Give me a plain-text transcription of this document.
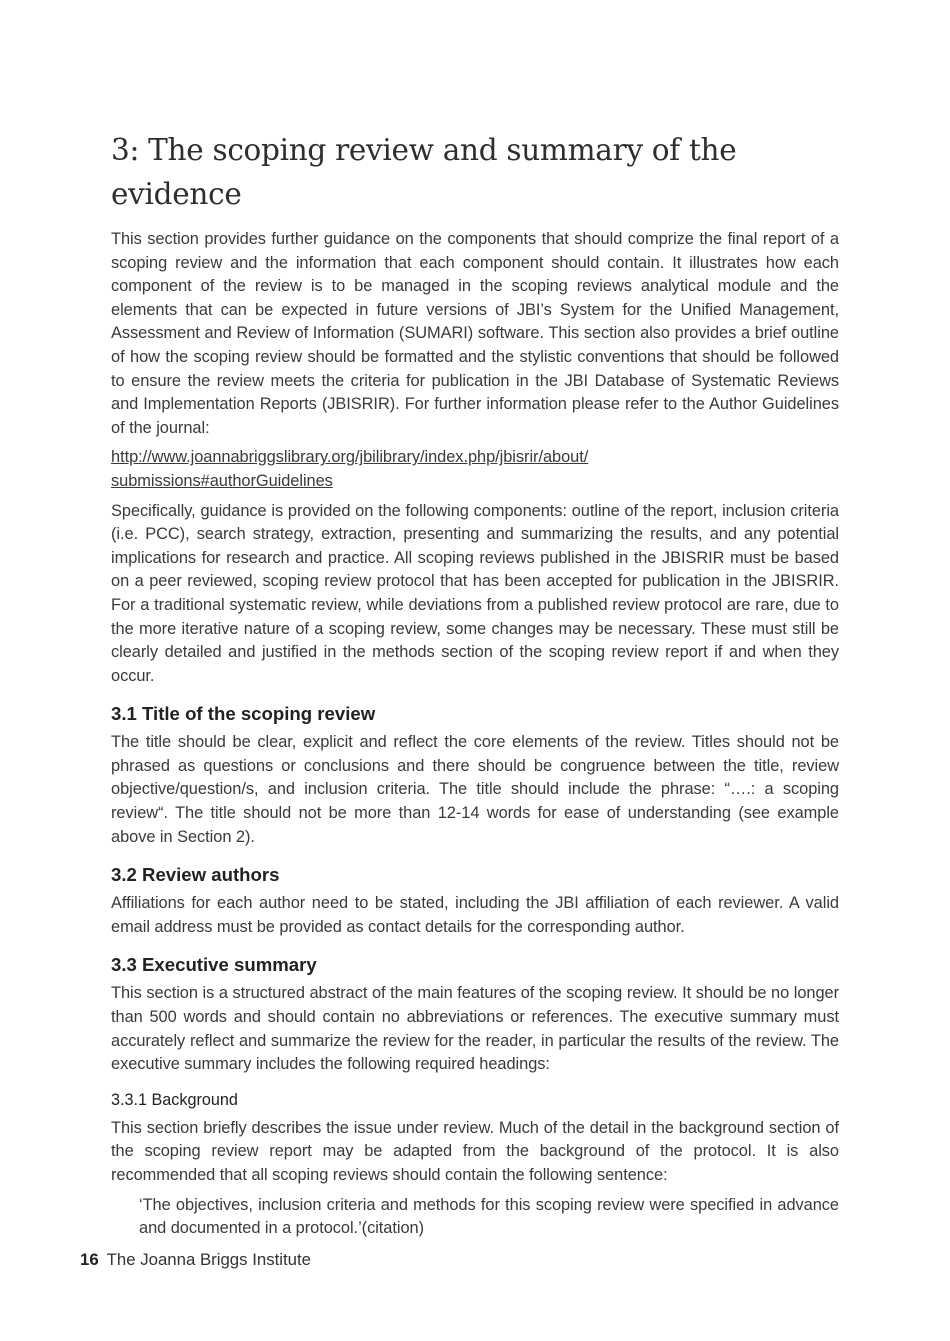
3: The scoping review and summary of the evidence

This section provides further guidance on the components that should comprize the final report of a scoping review and the information that each component should contain. It illustrates how each component of the review is to be managed in the scoping reviews analytical module and the elements that can be expected in future versions of JBI’s System for the Unified Management, Assessment and Review of Information (SUMARI) software. This section also provides a brief outline of how the scoping review should be formatted and the stylistic conventions that should be followed to ensure the review meets the criteria for publication in the JBI Database of Systematic Reviews and Implementation Reports (JBISRIR). For further information please refer to the Author Guidelines of the journal:

http://www.joannabriggslibrary.org/jbilibrary/index.php/jbisrir/about/
submissions#authorGuidelines

Specifically, guidance is provided on the following components: outline of the report, inclusion criteria (i.e. PCC), search strategy, extraction, presenting and summarizing the results, and any potential implications for research and practice. All scoping reviews published in the JBISRIR must be based on a peer reviewed, scoping review protocol that has been accepted for publication in the JBISRIR. For a traditional systematic review, while deviations from a published review protocol are rare, due to the more iterative nature of a scoping review, some changes may be necessary. These must still be clearly detailed and justified in the methods section of the scoping review report if and when they occur.

3.1 Title of the scoping review

The title should be clear, explicit and reflect the core elements of the review. Titles should not be phrased as questions or conclusions and there should be congruence between the title, review objective/question/s, and inclusion criteria. The title should include the phrase: “….: a scoping review“. The title should not be more than 12-14 words for ease of understanding (see example above in Section 2).

3.2 Review authors

Affiliations for each author need to be stated, including the JBI affiliation of each reviewer. A valid email address must be provided as contact details for the corresponding author.

3.3 Executive summary

This section is a structured abstract of the main features of the scoping review. It should be no longer than 500 words and should contain no abbreviations or references. The executive summary must accurately reflect and summarize the review for the reader, in particular the results of the review. The executive summary includes the following required headings:

3.3.1 Background

This section briefly describes the issue under review. Much of the detail in the background section of the scoping review report may be adapted from the background of the protocol. It is also recommended that all scoping reviews should contain the following sentence:

‘The objectives, inclusion criteria and methods for this scoping review were specified in advance and documented in a protocol.’(citation)

16 The Joanna Briggs Institute
